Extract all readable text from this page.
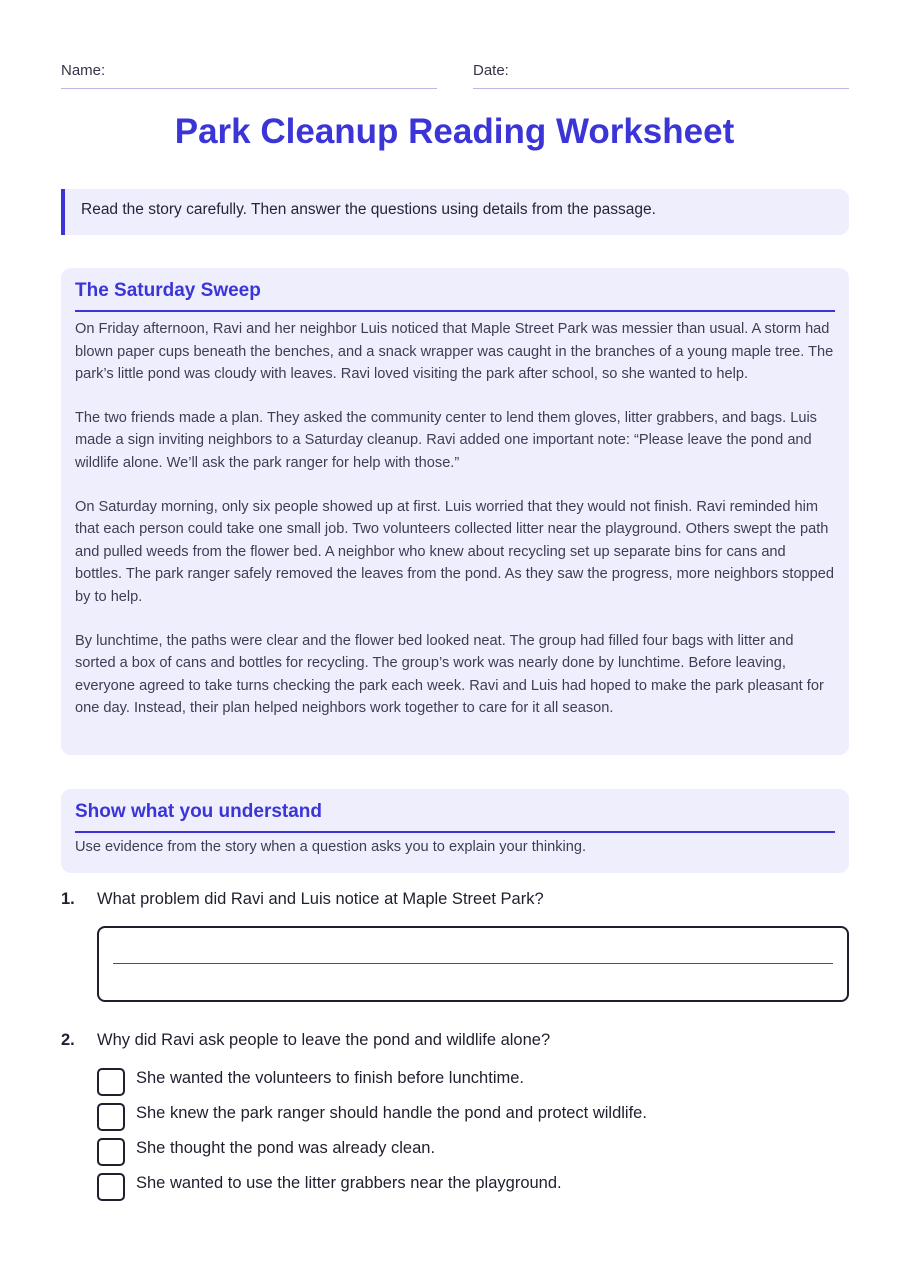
Name:	Date:
Park Cleanup Reading Worksheet
Read the story carefully. Then answer the questions using details from the passage.
The Saturday Sweep

On Friday afternoon, Ravi and her neighbor Luis noticed that Maple Street Park was messier than usual. A storm had blown paper cups beneath the benches, and a snack wrapper was caught in the branches of a young maple tree. The park’s little pond was cloudy with leaves. Ravi loved visiting the park after school, so she wanted to help.

The two friends made a plan. They asked the community center to lend them gloves, litter grabbers, and bags. Luis made a sign inviting neighbors to a Saturday cleanup. Ravi added one important note: “Please leave the pond and wildlife alone. We’ll ask the park ranger for help with those.”

On Saturday morning, only six people showed up at first. Luis worried that they would not finish. Ravi reminded him that each person could take one small job. Two volunteers collected litter near the playground. Others swept the path and pulled weeds from the flower bed. A neighbor who knew about recycling set up separate bins for cans and bottles. The park ranger safely removed the leaves from the pond. As they saw the progress, more neighbors stopped by to help.

By lunchtime, the paths were clear and the flower bed looked neat. The group had filled four bags with litter and sorted a box of cans and bottles for recycling. The group’s work was nearly done by lunchtime. Before leaving, everyone agreed to take turns checking the park each week. Ravi and Luis had hoped to make the park pleasant for one day. Instead, their plan helped neighbors work together to care for it all season.

Show what you understand
Use evidence from the story when a question asks you to explain your thinking.
1. What problem did Ravi and Luis notice at Maple Street Park?
2. Why did Ravi ask people to leave the pond and wildlife alone?
She wanted the volunteers to finish before lunchtime.
She knew the park ranger should handle the pond and protect wildlife.
She thought the pond was already clean.
She wanted to use the litter grabbers near the playground.
